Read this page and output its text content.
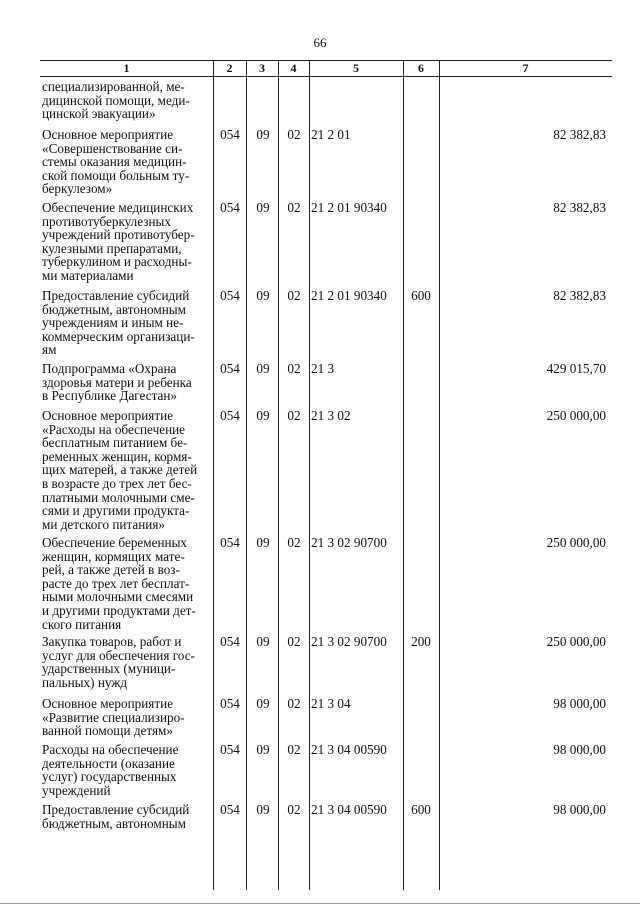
66
1	2	3	4	5	6	7
специализированной, ме-
дицинской помощи, меди-
цинской эвакуации»
Основное мероприятие
«Совершенствование си-
стемы оказания медицин-
ской помощи больным ту-
беркулезом»
054	09	02 21 2 01	82 382,83
Обеспечение медицинских
противотуберкулезных
учреждений противотубер-
кулезными препаратами,
туберкулином и расходны-
ми материалами
054	09	02 21 2 01 90340	82 382,83
Предоставление субсидий
бюджетным, автономным
учреждениям и иным не-
коммерческим организаци-
ям
054	09	02 21 2 01 90340	600	82 382,83
Подпрограмма «Охрана
здоровья матери и ребенка
в Республике Дагестан»
054	09	02 21 3	429 015,70
Основное мероприятие
«Расходы на обеспечение
бесплатным питанием бе-
ременных женщин, кормя-
щих матерей, а также детей
в возрасте до трех лет бес-
платными молочными сме-
сями и другими продукта-
ми детского питания»
054	09	02 21 3 02	250 000,00
Обеспечение беременных
женщин, кормящих мате-
рей, а также детей в воз-
расте до трех лет бесплат-
ными молочными смесями
и другими продуктами дет-
ского питания
054	09	02 21 3 02 90700	250 000,00
Закупка товаров, работ и
услуг для обеспечения гос-
ударственных (муници-
пальных) нужд
054	09	02 21 3 02 90700	200	250 000,00
Основное мероприятие
«Развитие специализиро-
ванной помощи детям»
054	09	02 21 3 04	98 000,00
Расходы на обеспечение
деятельности (оказание
услуг) государственных
учреждений
054	09	02 21 3 04 00590	98 000,00
Предоставление субсидий
бюджетным, автономным
054	09	02 21 3 04 00590	600	98 000,00
